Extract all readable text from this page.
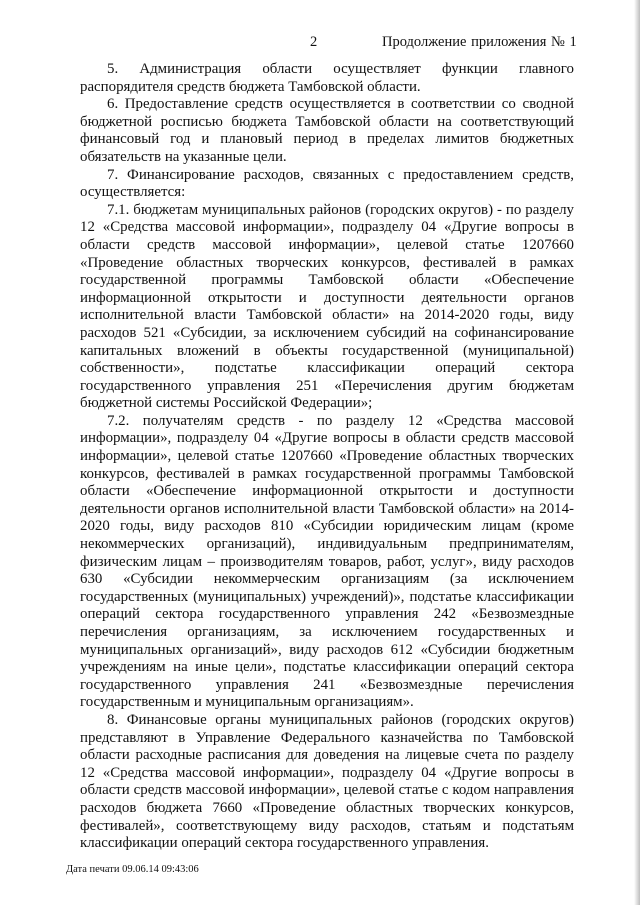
2	Продолжение приложения № 1

5. Администрация области осуществляет функции главного распорядителя средств бюджета Тамбовской области.

6. Предоставление средств осуществляется в соответствии со сводной бюджетной росписью бюджета Тамбовской области на соответствующий финансовый год и плановый период в пределах лимитов бюджетных обязательств на указанные цели.

7. Финансирование расходов, связанных с предоставлением средств, осуществляется:

7.1. бюджетам муниципальных районов (городских округов) - по разделу 12 «Средства массовой информации», подразделу 04 «Другие вопросы в области средств массовой информации», целевой статье 1207660 «Проведение областных творческих конкурсов, фестивалей в рамках государственной программы Тамбовской области «Обеспечение информационной открытости и доступности деятельности органов исполнительной власти Тамбовской области» на 2014-2020 годы, виду расходов 521 «Субсидии, за исключением субсидий на софинансирование капитальных вложений в объекты государственной (муниципальной) собственности», подстатье классификации операций сектора государственного управления 251 «Перечисления другим бюджетам бюджетной системы Российской Федерации»;

7.2. получателям средств - по разделу 12 «Средства массовой информации», подразделу 04 «Другие вопросы в области средств массовой информации», целевой статье 1207660 «Проведение областных творческих конкурсов, фестивалей в рамках государственной программы Тамбовской области «Обеспечение информационной открытости и доступности деятельности органов исполнительной власти Тамбовской области» на 2014-2020 годы, виду расходов 810 «Субсидии юридическим лицам (кроме некоммерческих организаций), индивидуальным предпринимателям, физическим лицам – производителям товаров, работ, услуг», виду расходов 630 «Субсидии некоммерческим организациям (за исключением государственных (муниципальных) учреждений)», подстатье классификации операций сектора государственного управления 242 «Безвозмездные перечисления организациям, за исключением государственных и муниципальных организаций», виду расходов 612 «Субсидии бюджетным учреждениям на иные цели», подстатье классификации операций сектора государственного управления 241 «Безвозмездные перечисления государственным и муниципальным организациям».

8. Финансовые органы муниципальных районов (городских округов) представляют в Управление Федерального казначейства по Тамбовской области расходные расписания для доведения на лицевые счета по разделу 12 «Средства массовой информации», подразделу 04 «Другие вопросы в области средств массовой информации», целевой статье с кодом направления расходов бюджета 7660 «Проведение областных творческих конкурсов, фестивалей», соответствующему виду расходов, статьям и подстатьям классификации операций сектора государственного управления.

Дата печати 09.06.14 09:43:06
